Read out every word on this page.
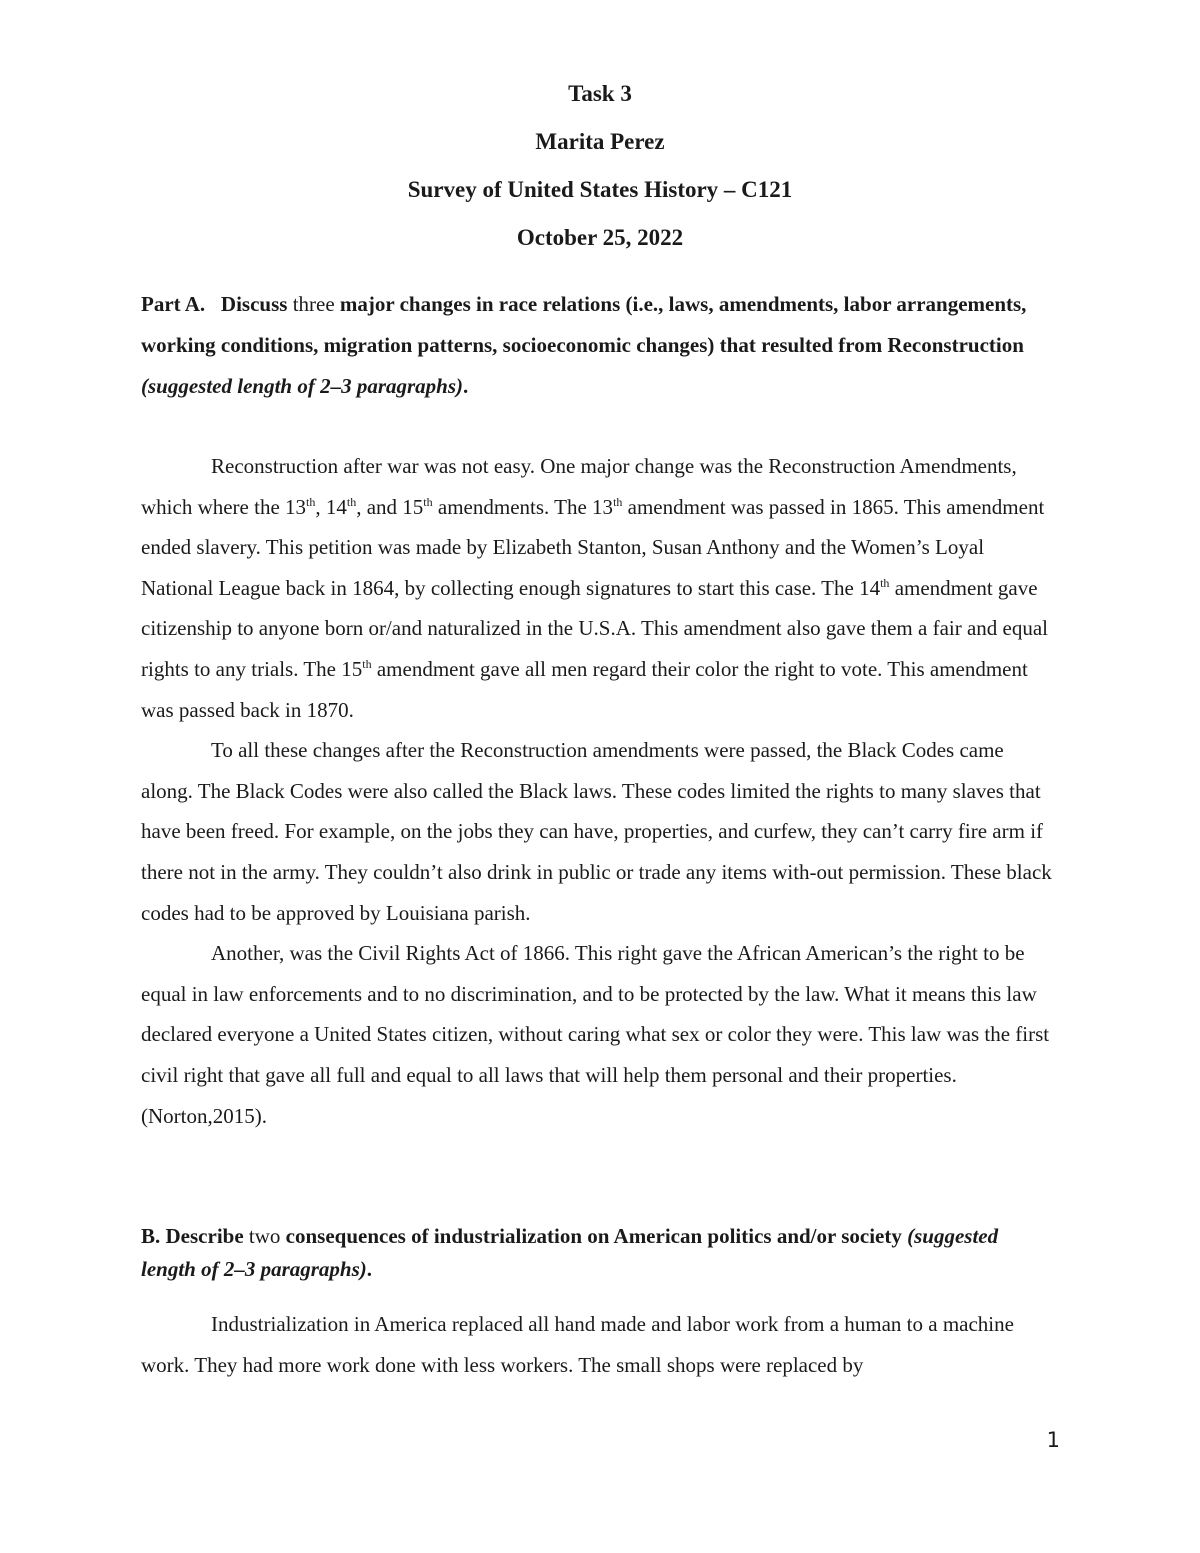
Task 3
Marita Perez
Survey of United States History – C121
October 25, 2022

Part A. Discuss three major changes in race relations (i.e., laws, amendments, labor arrangements, working conditions, migration patterns, socioeconomic changes) that resulted from Reconstruction (suggested length of 2–3 paragraphs).

Reconstruction after war was not easy. One major change was the Reconstruction Amendments, which where the 13th, 14th, and 15th amendments. The 13th amendment was passed in 1865. This amendment ended slavery. This petition was made by Elizabeth Stanton, Susan Anthony and the Women’s Loyal National League back in 1864, by collecting enough signatures to start this case. The 14th amendment gave citizenship to anyone born or/and naturalized in the U.S.A. This amendment also gave them a fair and equal rights to any trials. The 15th amendment gave all men regard their color the right to vote. This amendment was passed back in 1870.

To all these changes after the Reconstruction amendments were passed, the Black Codes came along. The Black Codes were also called the Black laws. These codes limited the rights to many slaves that have been freed. For example, on the jobs they can have, properties, and curfew, they can’t carry fire arm if there not in the army. They couldn’t also drink in public or trade any items with-out permission. These black codes had to be approved by Louisiana parish.

Another, was the Civil Rights Act of 1866. This right gave the African American’s the right to be equal in law enforcements and to no discrimination, and to be protected by the law. What it means this law declared everyone a United States citizen, without caring what sex or color they were. This law was the first civil right that gave all full and equal to all laws that will help them personal and their properties. (Norton,2015).

B. Describe two consequences of industrialization on American politics and/or society (suggested length of 2–3 paragraphs).

Industrialization in America replaced all hand made and labor work from a human to a machine work. They had more work done with less workers. The small shops were replaced by

1
